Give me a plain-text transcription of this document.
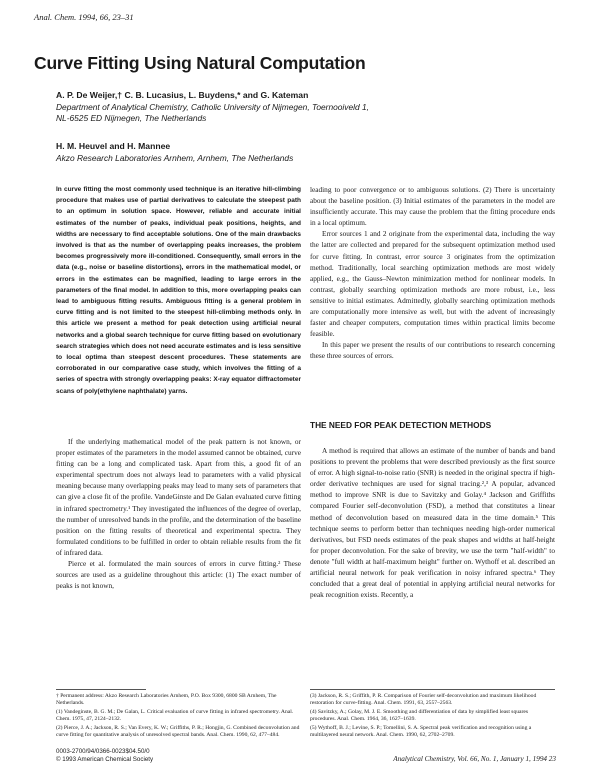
Anal. Chem. 1994, 66, 23–31
Curve Fitting Using Natural Computation
A. P. De Weijer,† C. B. Lucasius, L. Buydens,* and G. Kateman
Department of Analytical Chemistry, Catholic University of Nijmegen, Toernooiveld 1,
NL-6525 ED Nijmegen, The Netherlands
H. M. Heuvel and H. Mannee
Akzo Research Laboratories Arnhem, Arnhem, The Netherlands
In curve fitting the most commonly used technique is an iterative hill-climbing procedure that makes use of partial derivatives to calculate the steepest path to an optimum in solution space. However, reliable and accurate initial estimates of the number of peaks, individual peak positions, heights, and widths are necessary to find acceptable solutions. One of the main drawbacks involved is that as the number of overlapping peaks increases, the problem becomes progressively more ill-conditioned. Consequently, small errors in the data (e.g., noise or baseline distortions), errors in the mathematical model, or errors in the estimates can be magnified, leading to large errors in the parameters of the final model. In addition to this, more overlapping peaks can lead to ambiguous fitting results. Ambiguous fitting is a general problem in curve fitting and is not limited to the steepest hill-climbing methods only. In this article we present a method for peak detection using artificial neural networks and a global search technique for curve fitting based on evolutionary search strategies which does not need accurate estimates and is less sensitive to local optima than steepest descent procedures. These statements are corroborated in our comparative case study, which involves the fitting of a series of spectra with strongly overlapping peaks: X-ray equator diffractometer scans of poly(ethylene naphthalate) yarns.

If the underlying mathematical model of the peak pattern is not known, or proper estimates of the parameters in the model assumed cannot be obtained, curve fitting can be a long and complicated task. Apart from this, a good fit of an experimental spectrum does not always lead to parameters with a valid physical meaning because many overlapping peaks may lead to many sets of parameters that can give a close fit of the profile. VandeGinste and De Galan evaluated curve fitting in infrared spectrometry.¹ They investigated the influences of the degree of overlap, the number of unresolved bands in the profile, and the determination of the baseline position on the fitting results of theoretical and experimental spectra. They formulated conditions to be fulfilled in order to obtain reliable results from the fit of infrared data.

Pierce et al. formulated the main sources of errors in curve fitting.² These sources are used as a guideline throughout this article: (1) The exact number of peaks is not known,

leading to poor convergence or to ambiguous solutions. (2) There is uncertainty about the baseline position. (3) Initial estimates of the parameters in the model are insufficiently accurate. This may cause the problem that the fitting procedure ends in a local optimum.

Error sources 1 and 2 originate from the experimental data, including the way the latter are collected and prepared for the subsequent optimization method used for curve fitting. In contrast, error source 3 originates from the optimization method. Traditionally, local searching optimization methods are most widely applied, e.g., the Gauss–Newton minimization method for nonlinear models. In contrast, globally searching optimization methods are more robust, i.e., less sensitive to initial estimates. Admittedly, globally searching optimization methods are computationally more intensive as well, but with the advent of increasingly faster and cheaper computers, computation times within practical limits become feasible.

In this paper we present the results of our contributions to research concerning these three sources of errors.

THE NEED FOR PEAK DETECTION METHODS

A method is required that allows an estimate of the number of bands and band positions to prevent the problems that were described previously as the first source of error. A high signal-to-noise ratio (SNR) is needed in the original spectra if high-order derivative techniques are used for signal tracing.²,³ A popular, advanced method to improve SNR is due to Savitzky and Golay.⁴ Jackson and Griffiths compared Fourier self-deconvolution (FSD), a method that constitutes a linear method of deconvolution based on measured data in the time domain.⁵ This technique seems to perform better than techniques needing high-order numerical derivatives, but FSD needs estimates of the peak shapes and widths at half-height for proper deconvolution. For the sake of brevity, we use the term "half-width" to denote "full width at half-maximum height" further on. Wythoff et al. described an artificial neural network for peak verification in noisy infrared spectra.⁶ They concluded that a great deal of potential in applying artificial neural networks for peak recognition exists. Recently, a

† Permanent address: Akzo Research Laboratories Arnhem, P.O. Box 9300, 6800 SB Arnhem, The Netherlands.
(1) Vandeginste, B. G. M.; De Galan, L. Critical evaluation of curve fitting in infrared spectrometry. Anal. Chem. 1975, 47, 2124–2132.
(2) Pierce, J. A.; Jackson, R. S.; Van Every, K. W.; Griffiths, P. R.; Hongjin, G. Combined deconvolution and curve fitting for quantitative analysis of unresolved spectral bands. Anal. Chem. 1990, 62, 477–484.
(3) Jackson, R. S.; Griffith, P. R. Comparison of Fourier self-deconvolution and maximum likelihood restoration for curve-fitting. Anal. Chem. 1991, 63, 2557–2563.
(4) Savitzky, A.; Golay, M. J. E. Smoothing and differentiation of data by simplified least squares procedures. Anal. Chem. 1964, 36, 1627–1639.
(5) Wythoff, B. J.; Levine, S. P.; Tomellini, S. A. Spectral peak verification and recognition using a multilayered neural network. Anal. Chem. 1990, 62, 2702–2709.
0003-2700/94/0366-0023$04.50/0
© 1993 American Chemical Society	Analytical Chemistry, Vol. 66, No. 1, January 1, 1994 23
